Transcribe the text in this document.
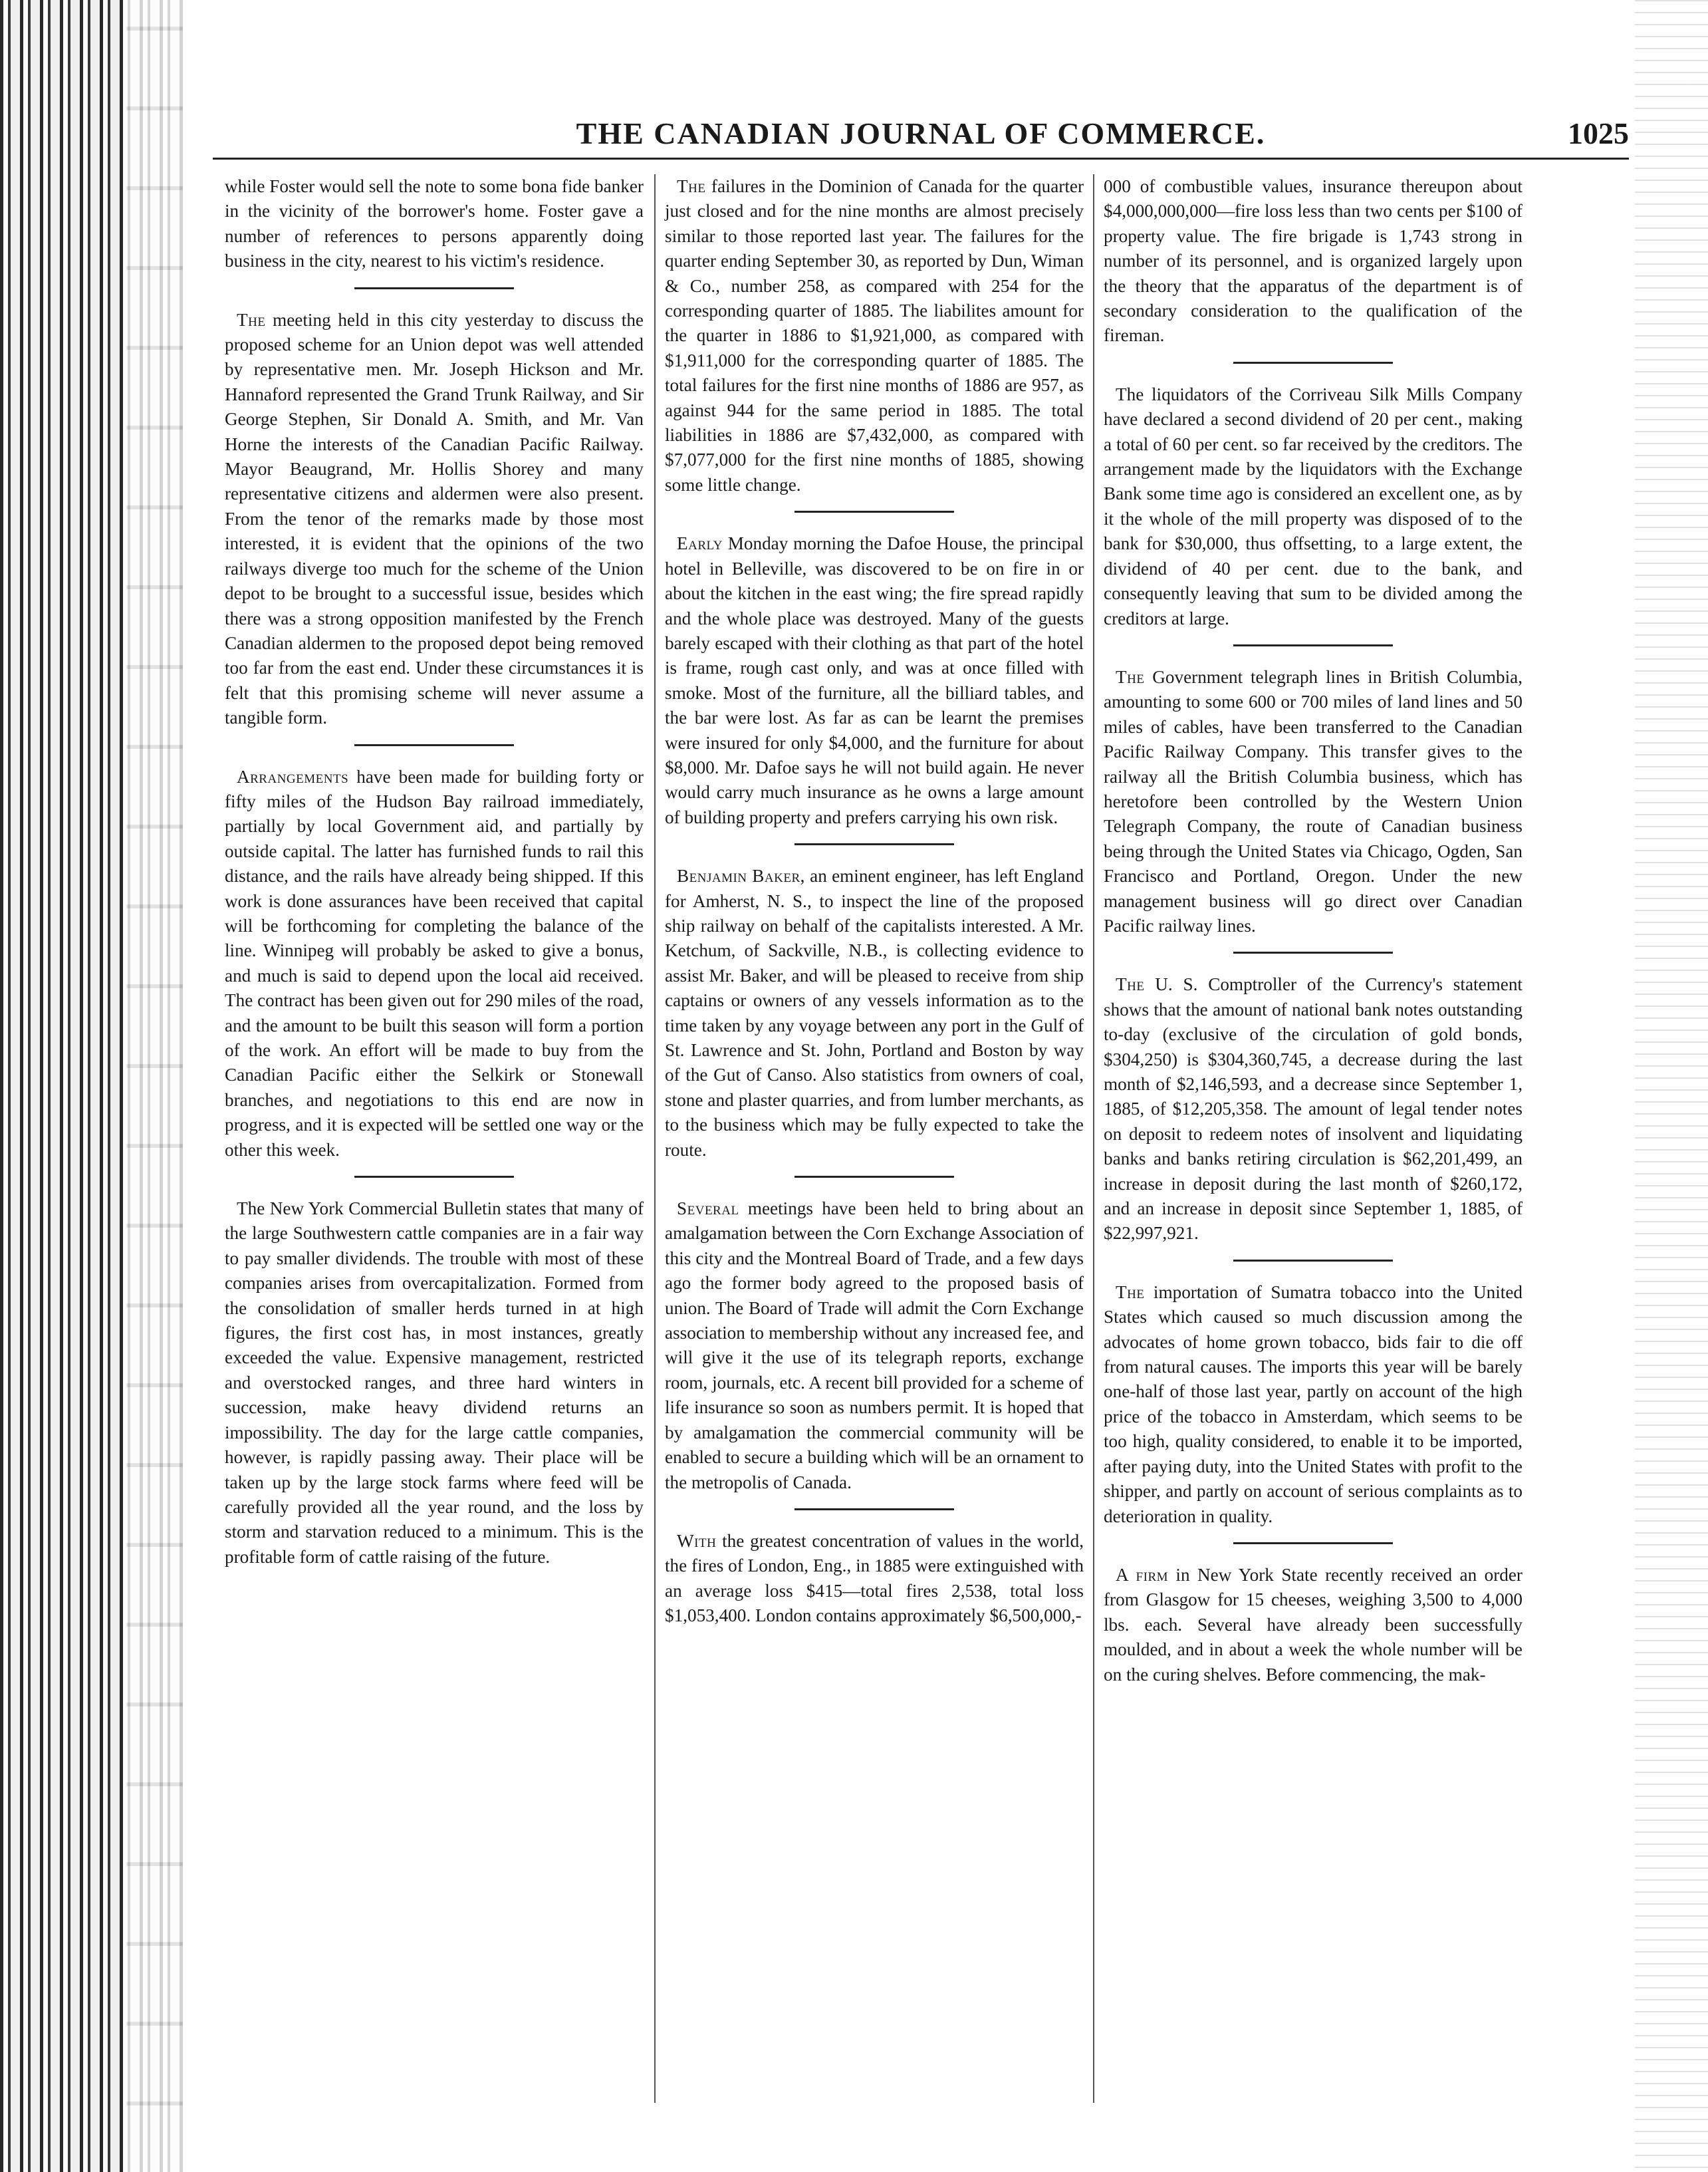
THE CANADIAN JOURNAL OF COMMERCE.	1025

while Foster would sell the note to some bona fide banker in the vicinity of the borrower's home. Foster gave a number of references to persons apparently doing business in the city, nearest to his victim's residence.

The meeting held in this city yesterday to discuss the proposed scheme for an Union depot was well attended by representative men. Mr. Joseph Hickson and Mr. Hannaford represented the Grand Trunk Railway, and Sir George Stephen, Sir Donald A. Smith, and Mr. Van Horne the interests of the Canadian Pacific Railway. Mayor Beaugrand, Mr. Hollis Shorey and many representative citizens and aldermen were also present. From the tenor of the remarks made by those most interested, it is evident that the opinions of the two railways diverge too much for the scheme of the Union depot to be brought to a successful issue, besides which there was a strong opposition manifested by the French Canadian aldermen to the proposed depot being removed too far from the east end. Under these circumstances it is felt that this promising scheme will never assume a tangible form.

Arrangements have been made for building forty or fifty miles of the Hudson Bay railroad immediately, partially by local Government aid, and partially by outside capital. The latter has furnished funds to rail this distance, and the rails have already being shipped. If this work is done assurances have been received that capital will be forthcoming for completing the balance of the line. Winnipeg will probably be asked to give a bonus, and much is said to depend upon the local aid received. The contract has been given out for 290 miles of the road, and the amount to be built this season will form a portion of the work. An effort will be made to buy from the Canadian Pacific either the Selkirk or Stonewall branches, and negotiations to this end are now in progress, and it is expected will be settled one way or the other this week.

The New York Commercial Bulletin states that many of the large Southwestern cattle companies are in a fair way to pay smaller dividends. The trouble with most of these companies arises from overcapitalization. Formed from the consolidation of smaller herds turned in at high figures, the first cost has, in most instances, greatly exceeded the value. Expensive management, restricted and overstocked ranges, and three hard winters in succession, make heavy dividend returns an impossibility. The day for the large cattle companies, however, is rapidly passing away. Their place will be taken up by the large stock farms where feed will be carefully provided all the year round, and the loss by storm and starvation reduced to a minimum. This is the profitable form of cattle raising of the future.

The failures in the Dominion of Canada for the quarter just closed and for the nine months are almost precisely similar to those reported last year. The failures for the quarter ending September 30, as reported by Dun, Wiman & Co., number 258, as compared with 254 for the corresponding quarter of 1885. The liabilites amount for the quarter in 1886 to $1,921,000, as compared with $1,911,000 for the corresponding quarter of 1885. The total failures for the first nine months of 1886 are 957, as against 944 for the same period in 1885. The total liabilities in 1886 are $7,432,000, as compared with $7,077,000 for the first nine months of 1885, showing some little change.

Early Monday morning the Dafoe House, the principal hotel in Belleville, was discovered to be on fire in or about the kitchen in the east wing; the fire spread rapidly and the whole place was destroyed. Many of the guests barely escaped with their clothing as that part of the hotel is frame, rough cast only, and was at once filled with smoke. Most of the furniture, all the billiard tables, and the bar were lost. As far as can be learnt the premises were insured for only $4,000, and the furniture for about $8,000. Mr. Dafoe says he will not build again. He never would carry much insurance as he owns a large amount of building property and prefers carrying his own risk.

Benjamin Baker, an eminent engineer, has left England for Amherst, N. S., to inspect the line of the proposed ship railway on behalf of the capitalists interested. A Mr. Ketchum, of Sackville, N.B., is collecting evidence to assist Mr. Baker, and will be pleased to receive from ship captains or owners of any vessels information as to the time taken by any voyage between any port in the Gulf of St. Lawrence and St. John, Portland and Boston by way of the Gut of Canso. Also statistics from owners of coal, stone and plaster quarries, and from lumber merchants, as to the business which may be fully expected to take the route.

Several meetings have been held to bring about an amalgamation between the Corn Exchange Association of this city and the Montreal Board of Trade, and a few days ago the former body agreed to the proposed basis of union. The Board of Trade will admit the Corn Exchange association to membership without any increased fee, and will give it the use of its telegraph reports, exchange room, journals, etc. A recent bill provided for a scheme of life insurance so soon as numbers permit. It is hoped that by amalgamation the commercial community will be enabled to secure a building which will be an ornament to the metropolis of Canada.

With the greatest concentration of values in the world, the fires of London, Eng., in 1885 were extinguished with an average loss $415—total fires 2,538, total loss $1,053,400. London contains approximately $6,500,000,-

000 of combustible values, insurance thereupon about $4,000,000,000—fire loss less than two cents per $100 of property value. The fire brigade is 1,743 strong in number of its personnel, and is organized largely upon the theory that the apparatus of the department is of secondary consideration to the qualification of the fireman.

The liquidators of the Corriveau Silk Mills Company have declared a second dividend of 20 per cent., making a total of 60 per cent. so far received by the creditors. The arrangement made by the liquidators with the Exchange Bank some time ago is considered an excellent one, as by it the whole of the mill property was disposed of to the bank for $30,000, thus offsetting, to a large extent, the dividend of 40 per cent. due to the bank, and consequently leaving that sum to be divided among the creditors at large.

The Government telegraph lines in British Columbia, amounting to some 600 or 700 miles of land lines and 50 miles of cables, have been transferred to the Canadian Pacific Railway Company. This transfer gives to the railway all the British Columbia business, which has heretofore been controlled by the Western Union Telegraph Company, the route of Canadian business being through the United States via Chicago, Ogden, San Francisco and Portland, Oregon. Under the new management business will go direct over Canadian Pacific railway lines.

The U. S. Comptroller of the Currency's statement shows that the amount of national bank notes outstanding to-day (exclusive of the circulation of gold bonds, $304,250) is $304,360,745, a decrease during the last month of $2,146,593, and a decrease since September 1, 1885, of $12,205,358. The amount of legal tender notes on deposit to redeem notes of insolvent and liquidating banks and banks retiring circulation is $62,201,499, an increase in deposit during the last month of $260,172, and an increase in deposit since September 1, 1885, of $22,997,921.

The importation of Sumatra tobacco into the United States which caused so much discussion among the advocates of home grown tobacco, bids fair to die off from natural causes. The imports this year will be barely one-half of those last year, partly on account of the high price of the tobacco in Amsterdam, which seems to be too high, quality considered, to enable it to be imported, after paying duty, into the United States with profit to the shipper, and partly on account of serious complaints as to deterioration in quality.

A firm in New York State recently received an order from Glasgow for 15 cheeses, weighing 3,500 to 4,000 lbs. each. Several have already been successfully moulded, and in about a week the whole number will be on the curing shelves. Before commencing, the mak-
